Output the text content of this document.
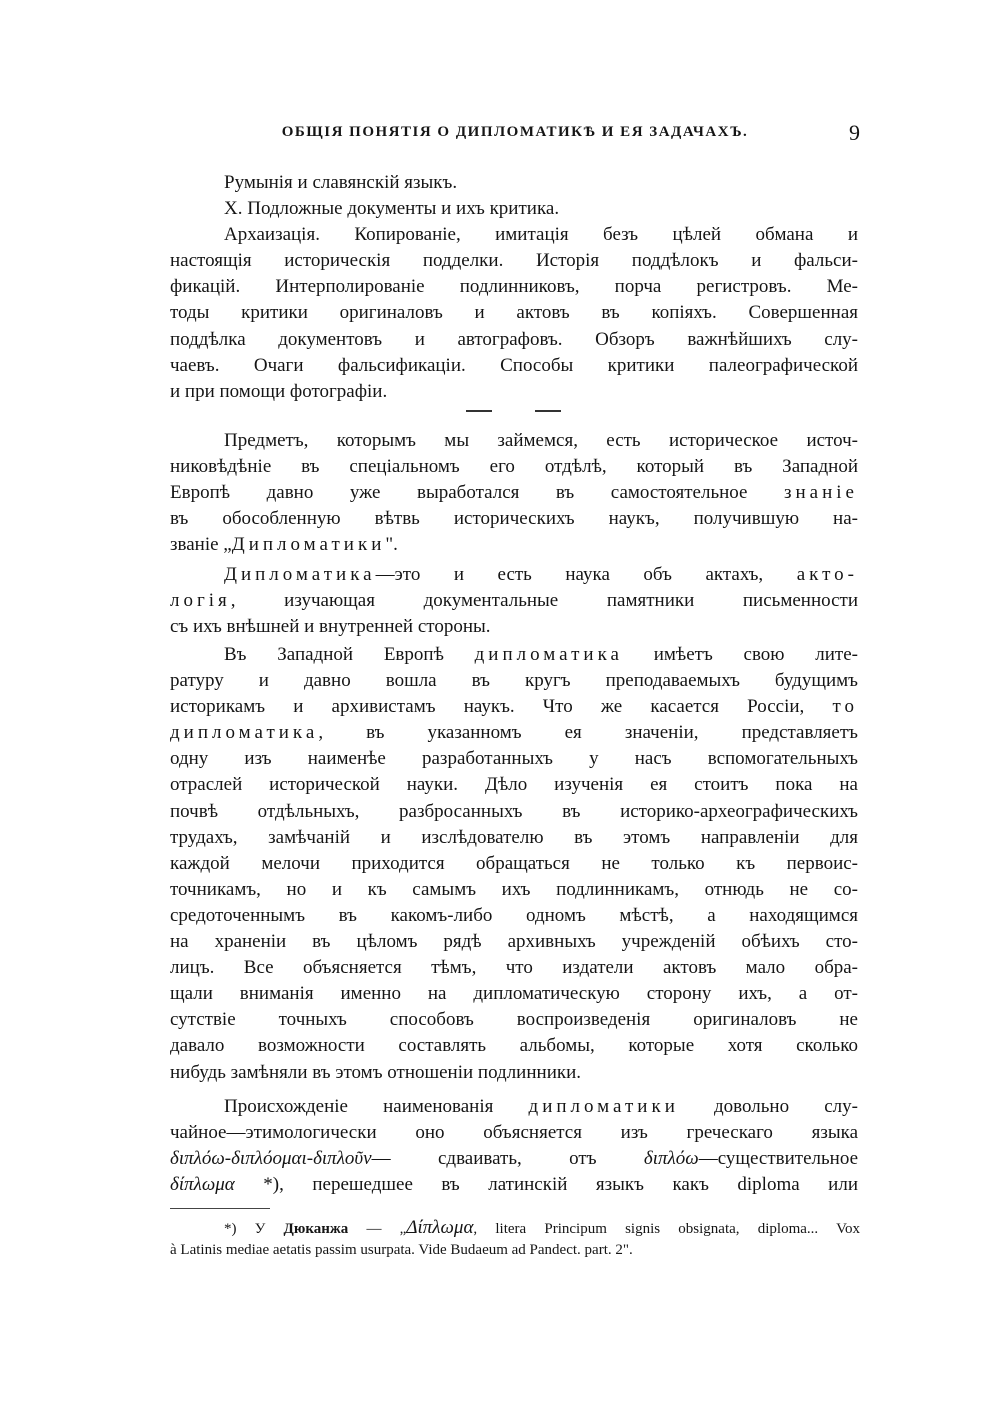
ОБЩІЯ ПОНЯТІЯ О ДИПЛОМАТИКѢ И ЕЯ ЗАДАЧАХЪ.	9
Румынія и славянскій языкъ.
X. Подложные документы и ихъ критика.
Архаизація. Копированіе, имитація безъ цѣлей обмана и
настоящія историческія подделки. Исторія поддѣлокъ и фальси-
фикацій. Интерполированіе подлинниковъ, порча регистровъ. Ме-
тоды критики оригиналовъ и актовъ въ копіяхъ. Совершенная
поддѣлка документовъ и автографовъ. Обзоръ важнѣйшихъ слу-
чаевъ. Очаги фальсификаціи. Способы критики палеографической
и при помощи фотографіи.
Предметъ, которымъ мы займемся, есть историческое источ-
никовѣдѣніе въ спеціальномъ его отдѣлѣ, который въ Западной
Европѣ давно уже выработался въ самостоятельное знаніе
въ обособленную вѣтвь историческихъ наукъ, получившую на-
званіе „Дипломатики".
Дипломатика—это и есть наука объ актахъ, акто-
логія, изучающая документальные памятники письменности
съ ихъ внѣшней и внутренней стороны.
Въ Западной Европѣ дипломатика имѣетъ свою лите-
ратуру и давно вошла въ кругъ преподаваемыхъ будущимъ
историкамъ и архивистамъ наукъ. Что же касается Россіи, то
дипломатика, въ указанномъ ея значеніи, представляетъ
одну изъ наименѣе разработанныхъ у насъ вспомогательныхъ
отраслей исторической науки. Дѣло изученія ея стоитъ пока на
почвѣ отдѣльныхъ, разбросанныхъ въ историко-археографическихъ
трудахъ, замѣчаній и изслѣдователю въ этомъ направленіи для
каждой мелочи приходится обращаться не только къ первоис-
точникамъ, но и къ самымъ ихъ подлинникамъ, отнюдь не со-
средоточеннымъ въ какомъ-либо одномъ мѣстѣ, а находящимся
на храненіи въ цѣломъ рядѣ архивныхъ учрежденій обѣихъ сто-
лицъ. Все объясняется тѣмъ, что издатели актовъ мало обра-
щали вниманія именно на дипломатическую сторону ихъ, а от-
сутствіе точныхъ способовъ воспроизведенія оригиналовъ не
давало возможности составлять альбомы, которые хотя сколько
нибудь замѣняли въ этомъ отношеніи подлинники.
Происхожденіе наименованія дипломатики довольно слу-
чайное—этимологически оно объясняется изъ греческаго языка
διπλόω-διπλόομαι-διπλοῦν— сдваивать, отъ διπλόω—существительное
δίπλωμα *), перешедшее въ латинскій языкъ какъ diploma или
*) У Дюканжа — „Δίπλωμα, litera Principum signis obsignata, diploma... Vox
à Latinis mediae aetatis passim usurpata. Vide Budaeum ad Pandect. part. 2".
